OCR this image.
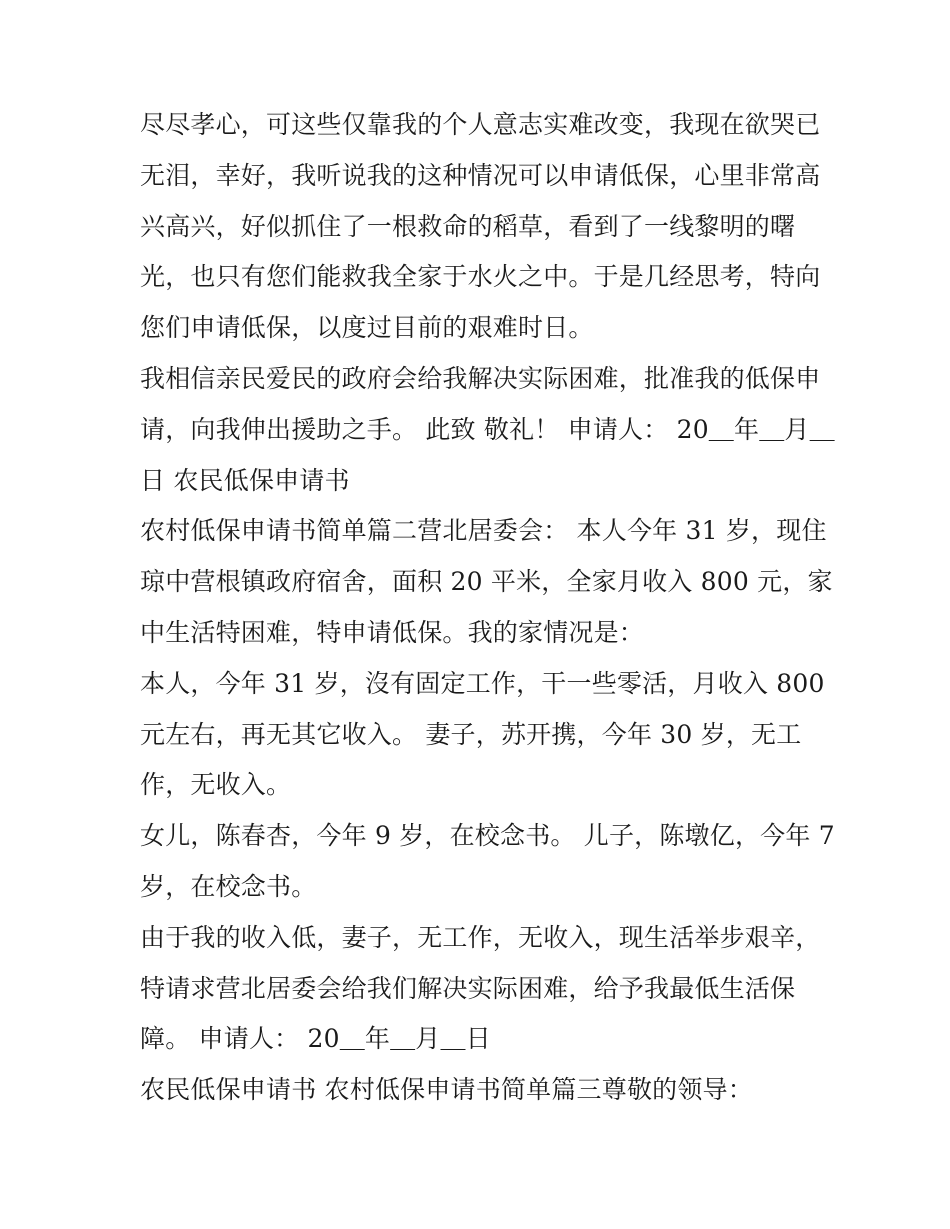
尽尽孝心，可这些仅靠我的个人意志实难改变，我现在欲哭已
无泪，幸好，我听说我的这种情况可以申请低保，心里非常高
兴高兴，好似抓住了一根救命的稻草，看到了一线黎明的曙
光，也只有您们能救我全家于水火之中。于是几经思考，特向
您们申请低保，以度过目前的艰难时日。
我相信亲民爱民的政府会给我解决实际困难，批准我的低保申
请，向我伸出援助之手。 此致 敬礼！ 申请人： 20＿年＿月＿
日 农民低保申请书
农村低保申请书简单篇二营北居委会： 本人今年 31 岁，现住
琼中营根镇政府宿舍，面积 20 平米，全家月收入 800 元，家
中生活特困难，特申请低保。我的家情况是：
本人，今年 31 岁，沒有固定工作，干一些零活，月收入 800
元左右，再无其它收入。 妻子，苏开携，今年 30 岁，无工
作，无收入。
女儿，陈春杏，今年 9 岁，在校念书。 儿子，陈墩亿，今年 7
岁，在校念书。
由于我的收入低，妻子，无工作，无收入，现生活举步艰辛，
特请求营北居委会给我们解决实际困难，给予我最低生活保
障。 申请人： 20＿年＿月＿日
农民低保申请书 农村低保申请书简单篇三尊敬的领导：
